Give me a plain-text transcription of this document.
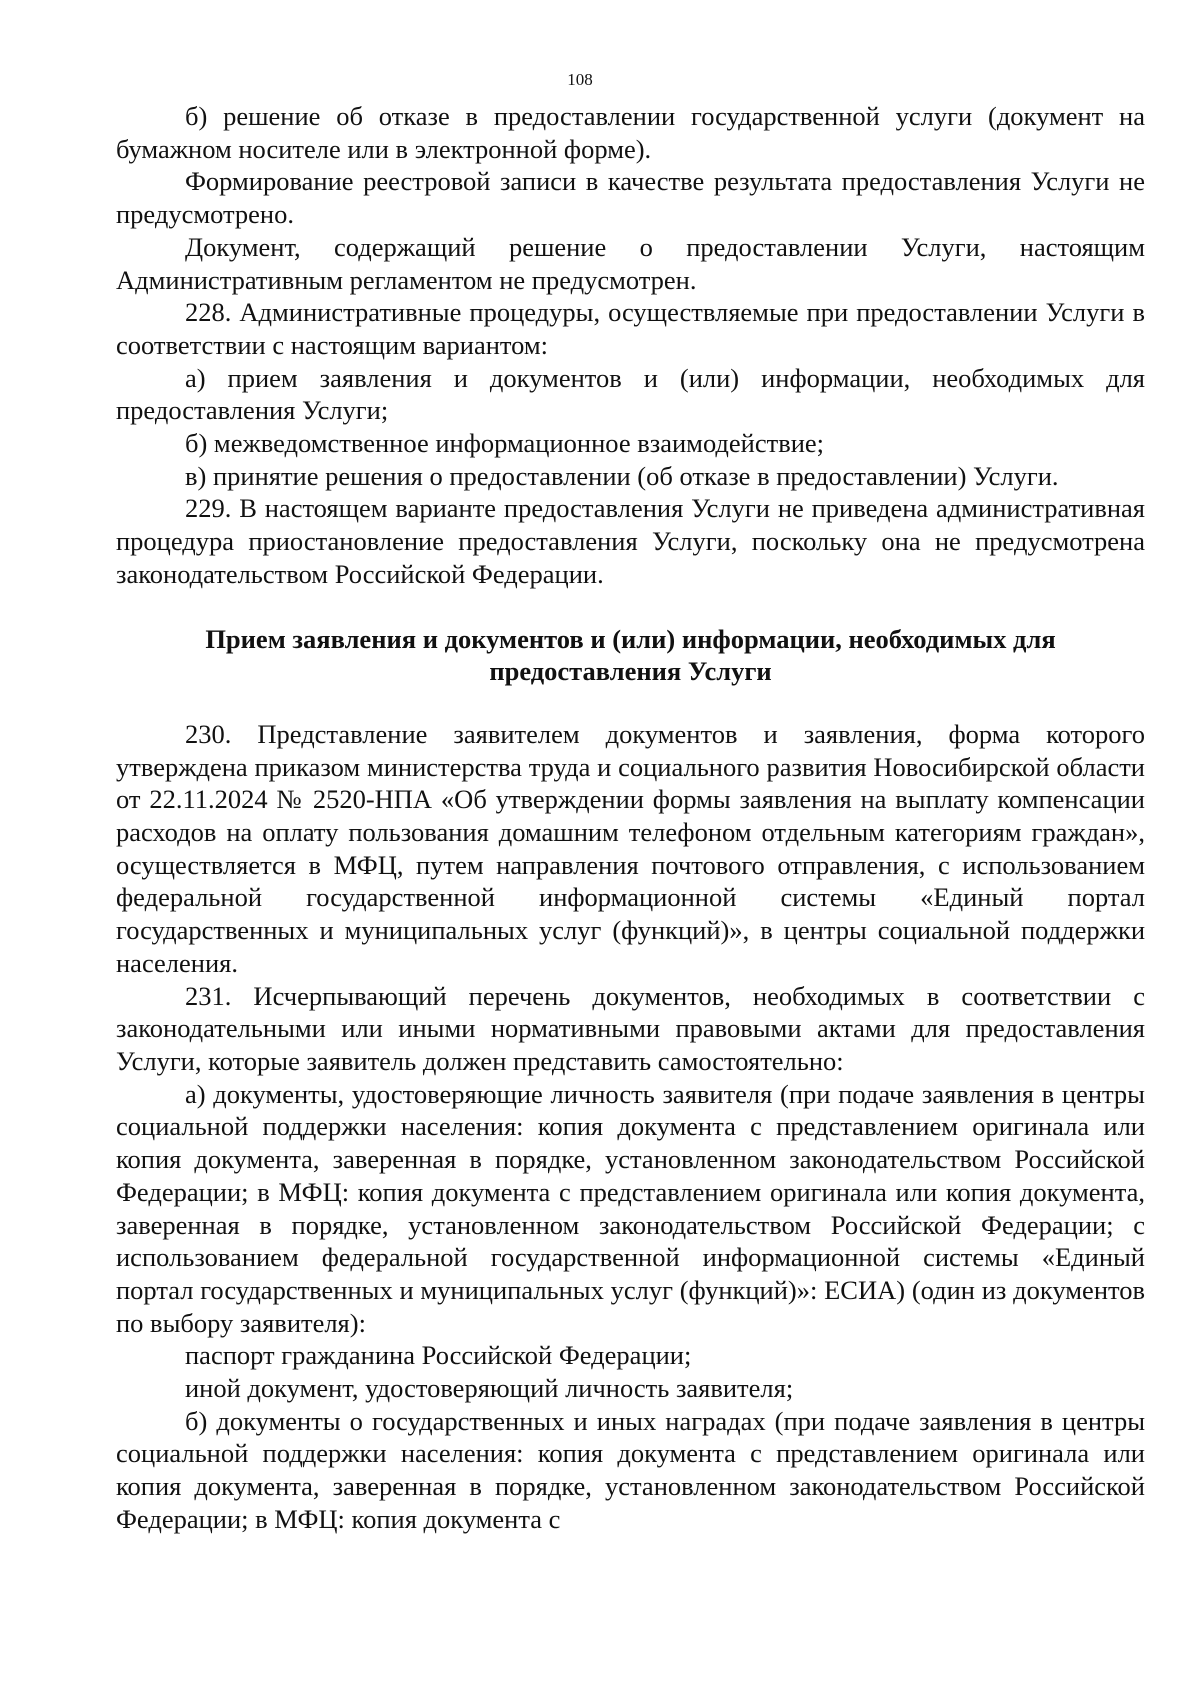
108

б) решение об отказе в предоставлении государственной услуги (документ на бумажном носителе или в электронной форме).

Формирование реестровой записи в качестве результата предоставления Услуги не предусмотрено.

Документ, содержащий решение о предоставлении Услуги, настоящим Административным регламентом не предусмотрен.

228. Административные процедуры, осуществляемые при предоставлении Услуги в соответствии с настоящим вариантом:

а) прием заявления и документов и (или) информации, необходимых для предоставления Услуги;

б) межведомственное информационное взаимодействие;

в) принятие решения о предоставлении (об отказе в предоставлении) Услуги.

229. В настоящем варианте предоставления Услуги не приведена административная процедура приостановление предоставления Услуги, поскольку она не предусмотрена законодательством Российской Федерации.

Прием заявления и документов и (или) информации, необходимых для предоставления Услуги

230. Представление заявителем документов и заявления, форма которого утверждена приказом министерства труда и социального развития Новосибирской области от 22.11.2024 № 2520-НПА «Об утверждении формы заявления на выплату компенсации расходов на оплату пользования домашним телефоном отдельным категориям граждан», осуществляется в МФЦ, путем направления почтового отправления, с использованием федеральной государственной информационной системы «Единый портал государственных и муниципальных услуг (функций)», в центры социальной поддержки населения.

231. Исчерпывающий перечень документов, необходимых в соответствии с законодательными или иными нормативными правовыми актами для предоставления Услуги, которые заявитель должен представить самостоятельно:

а) документы, удостоверяющие личность заявителя (при подаче заявления в центры социальной поддержки населения: копия документа с представлением оригинала или копия документа, заверенная в порядке, установленном законодательством Российской Федерации; в МФЦ: копия документа с представлением оригинала или копия документа, заверенная в порядке, установленном законодательством Российской Федерации; с использованием федеральной государственной информационной системы «Единый портал государственных и муниципальных услуг (функций)»: ЕСИА) (один из документов по выбору заявителя):

паспорт гражданина Российской Федерации;

иной документ, удостоверяющий личность заявителя;

б) документы о государственных и иных наградах (при подаче заявления в центры социальной поддержки населения: копия документа с представлением оригинала или копия документа, заверенная в порядке, установленном законодательством Российской Федерации; в МФЦ: копия документа с
